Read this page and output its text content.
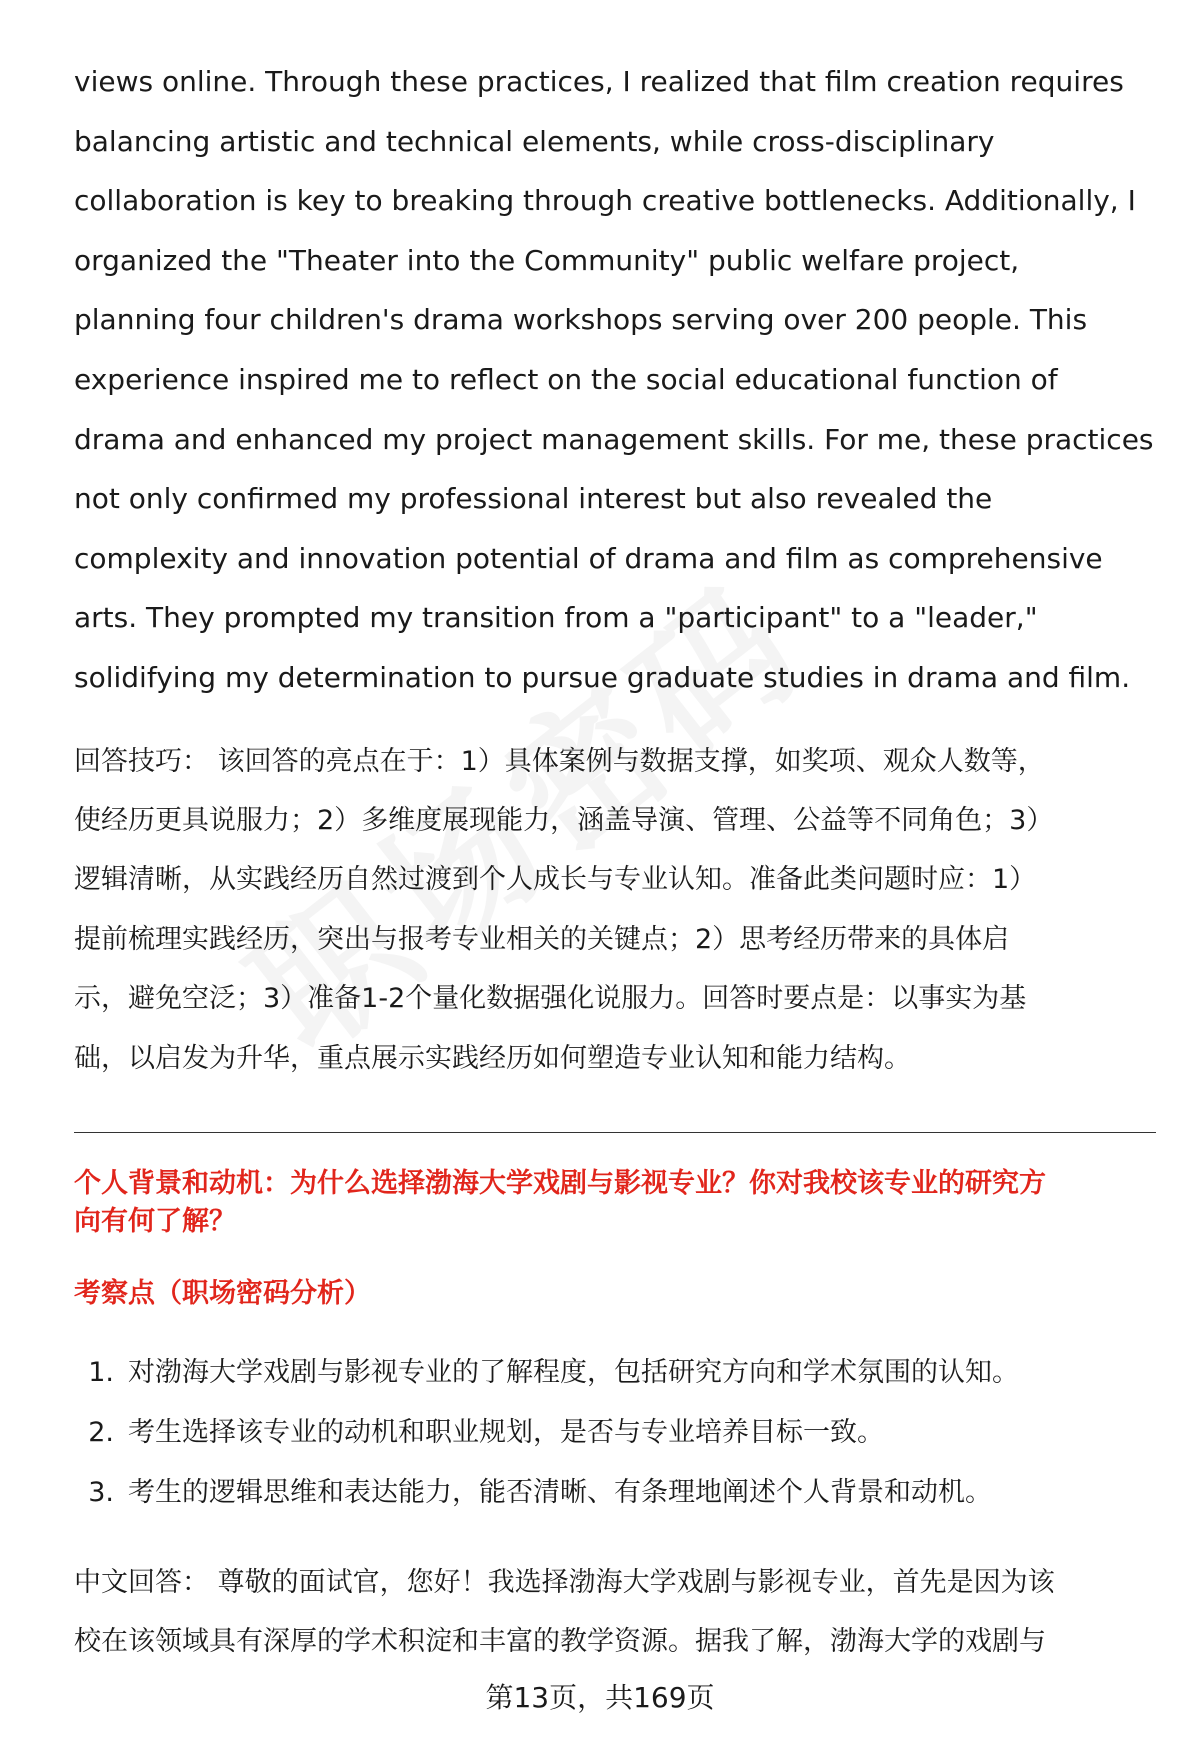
views online. Through these practices, I realized that film creation requires
balancing artistic and technical elements, while cross-disciplinary
collaboration is key to breaking through creative bottlenecks. Additionally, I
organized the "Theater into the Community" public welfare project,
planning four children's drama workshops serving over 200 people. This
experience inspired me to reflect on the social educational function of
drama and enhanced my project management skills. For me, these practices
not only confirmed my professional interest but also revealed the
complexity and innovation potential of drama and film as comprehensive
arts. They prompted my transition from a "participant" to a "leader,"
solidifying my determination to pursue graduate studies in drama and film.
回答技巧： 该回答的亮点在于：1）具体案例与数据支撑，如奖项、观众人数等，
使经历更具说服力；2）多维度展现能力，涵盖导演、管理、公益等不同角色；3）
逻辑清晰，从实践经历自然过渡到个人成长与专业认知。准备此类问题时应：1）
提前梳理实践经历，突出与报考专业相关的关键点；2）思考经历带来的具体启
示，避免空泛；3）准备1-2个量化数据强化说服力。回答时要点是：以事实为基
础，以启发为升华，重点展示实践经历如何塑造专业认知和能力结构。
个人背景和动机：为什么选择渤海大学戏剧与影视专业？你对我校该专业的研究方
向有何了解？
考察点（职场密码分析）
1. 对渤海大学戏剧与影视专业的了解程度，包括研究方向和学术氛围的认知。
2. 考生选择该专业的动机和职业规划，是否与专业培养目标一致。
3. 考生的逻辑思维和表达能力，能否清晰、有条理地阐述个人背景和动机。
中文回答： 尊敬的面试官，您好！我选择渤海大学戏剧与影视专业，首先是因为该
校在该领域具有深厚的学术积淀和丰富的教学资源。据我了解，渤海大学的戏剧与
第13页，共169页
